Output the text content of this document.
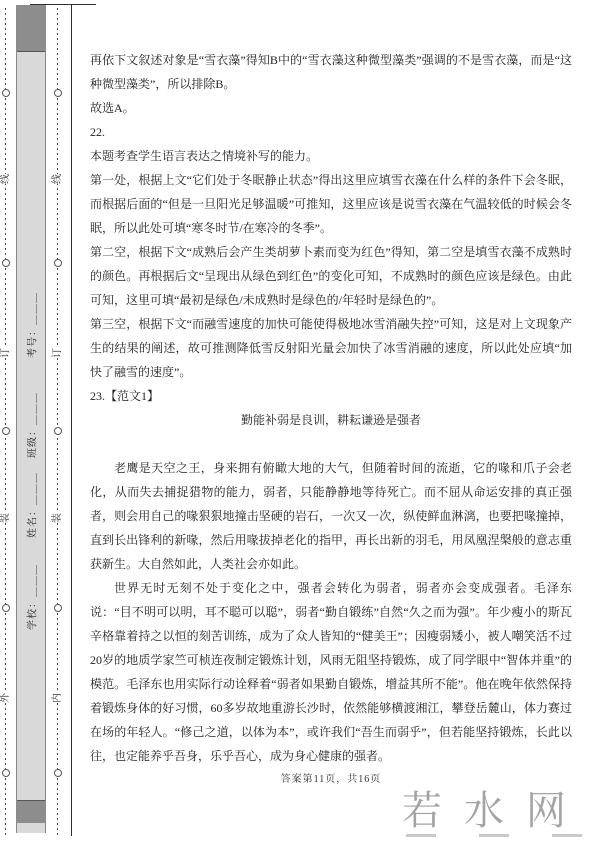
线
订
装
外
考号：＿＿＿
班级：＿＿＿
姓名：＿＿＿
学校：＿＿＿
线
订
装
内

再依下文叙述对象是“雪衣藻”得知B中的“雪衣藻这种微型藻类”强调的不是雪衣藻，而是“这种微型藻类”，所以排除B。

故选A。

22.

本题考查学生语言表达之情境补写的能力。

第一处，根据上文“它们处于冬眠静止状态”得出这里应填雪衣藻在什么样的条件下会冬眠，而根据后面的“但是一旦阳光足够温暖”可推知，这里应该是说雪衣藻在气温较低的时候会冬眠，所以此处可填“寒冬时节/在寒冷的冬季”。

第二空，根据下文“成熟后会产生类胡萝卜素而变为红色”得知，第二空是填雪衣藻不成熟时的颜色。再根据后文“呈现出从绿色到红色”的变化可知，不成熟时的颜色应该是绿色。由此可知，这里可填“最初是绿色/未成熟时是绿色的/年轻时是绿色的”。

第三空，根据下文“而融雪速度的加快可能使得极地冰雪消融失控”可知，这是对上文现象产生的结果的阐述，故可推测降低雪反射阳光量会加快了冰雪消融的速度，所以此处应填“加快了融雪的速度”。

23.【范文1】

勤能补弱是良训，耕耘谦逊是强者

老鹰是天空之王，身来拥有俯瞰大地的大气，但随着时间的流逝，它的喙和爪子会老化，从而失去捕捉猎物的能力，弱者，只能静静地等待死亡。而不屈从命运安排的真正强者，则会用自己的喙狠狠地撞击坚硬的岩石，一次又一次，纵使鲜血淋漓，也要把喙撞掉，直到长出锋利的新喙，然后用喙拔掉老化的指甲，再长出新的羽毛，用凤凰涅槃般的意志重获新生。大自然如此，人类社会亦如此。

世界无时无刻不处于变化之中，强者会转化为弱者，弱者亦会变成强者。毛泽东说：“目不明可以明，耳不聪可以聪”，弱者“勤自锻练”自然“久之而为强”。年少瘦小的斯瓦辛格靠着持之以恒的刻苦训练，成为了众人皆知的“健美王”；因瘦弱矮小，被人嘲笑活不过20岁的地质学家竺可桢连夜制定锻炼计划，风雨无阻坚持锻炼，成了同学眼中“智体并重”的模范。毛泽东也用实际行动诠释着“弱者如果勤自锻炼，增益其所不能”。他在晚年依然保持着锻炼身体的好习惯，60多岁故地重游长沙时，依然能够横渡湘江，攀登岳麓山，体力赛过在场的年轻人。“修己之道，以体为本”，或许我们“吾生而弱乎”，但若能坚持锻炼，长此以往，也定能养乎吾身，乐乎吾心，成为身心健康的强者。

答案第11页，共16页
若水网
